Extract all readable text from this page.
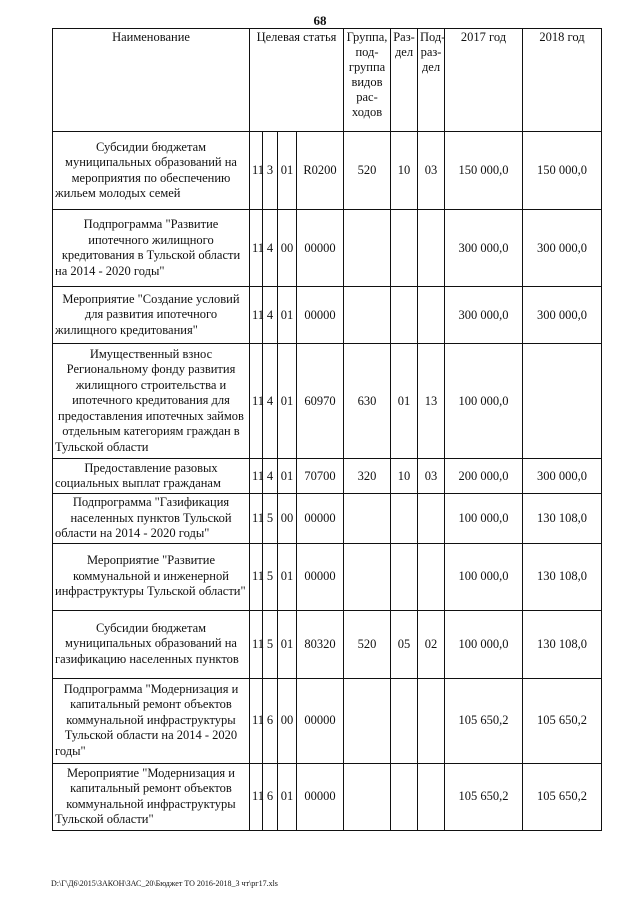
68
Наименование	Целевая статья				Группа, под- группа видов рас- ходов	Раз- дел	Под- раз- дел	2017 год	2018 год
Субсидии бюджетам муниципальных образований на мероприятия по обеспечению жильем молодых семей	11	3	01	R0200	520	10	03	150 000,0	150 000,0
Подпрограмма "Развитие ипотечного жилищного кредитования в Тульской области на 2014 - 2020 годы"	11	4	00	00000				300 000,0	300 000,0
Мероприятие "Создание условий для развития ипотечного жилищного кредитования"	11	4	01	00000				300 000,0	300 000,0
Имущественный взнос Региональному фонду развития жилищного строительства и ипотечного кредитования для предоставления ипотечных займов отдельным категориям граждан в Тульской области	11	4	01	60970	630	01	13	100 000,0	
Предоставление разовых социальных выплат гражданам	11	4	01	70700	320	10	03	200 000,0	300 000,0
Подпрограмма "Газификация населенных пунктов Тульской области на 2014 - 2020 годы"	11	5	00	00000				100 000,0	130 108,0
Мероприятие "Развитие коммунальной и инженерной инфраструктуры Тульской области"	11	5	01	00000				100 000,0	130 108,0
Субсидии бюджетам муниципальных образований на газификацию населенных пунктов	11	5	01	80320	520	05	02	100 000,0	130 108,0
Подпрограмма "Модернизация и капитальный ремонт объектов коммунальной инфраструктуры Тульской области на 2014 - 2020 годы"	11	6	00	00000				105 650,2	105 650,2
Мероприятие "Модернизация и капитальный ремонт объектов коммунальной инфраструктуры Тульской области"	11	6	01	00000				105 650,2	105 650,2
D:\Г\Д6\2015\ЗАКОН\ЗАС_20\Бюджет ТО 2016-2018_3 чт\рг17.xls
